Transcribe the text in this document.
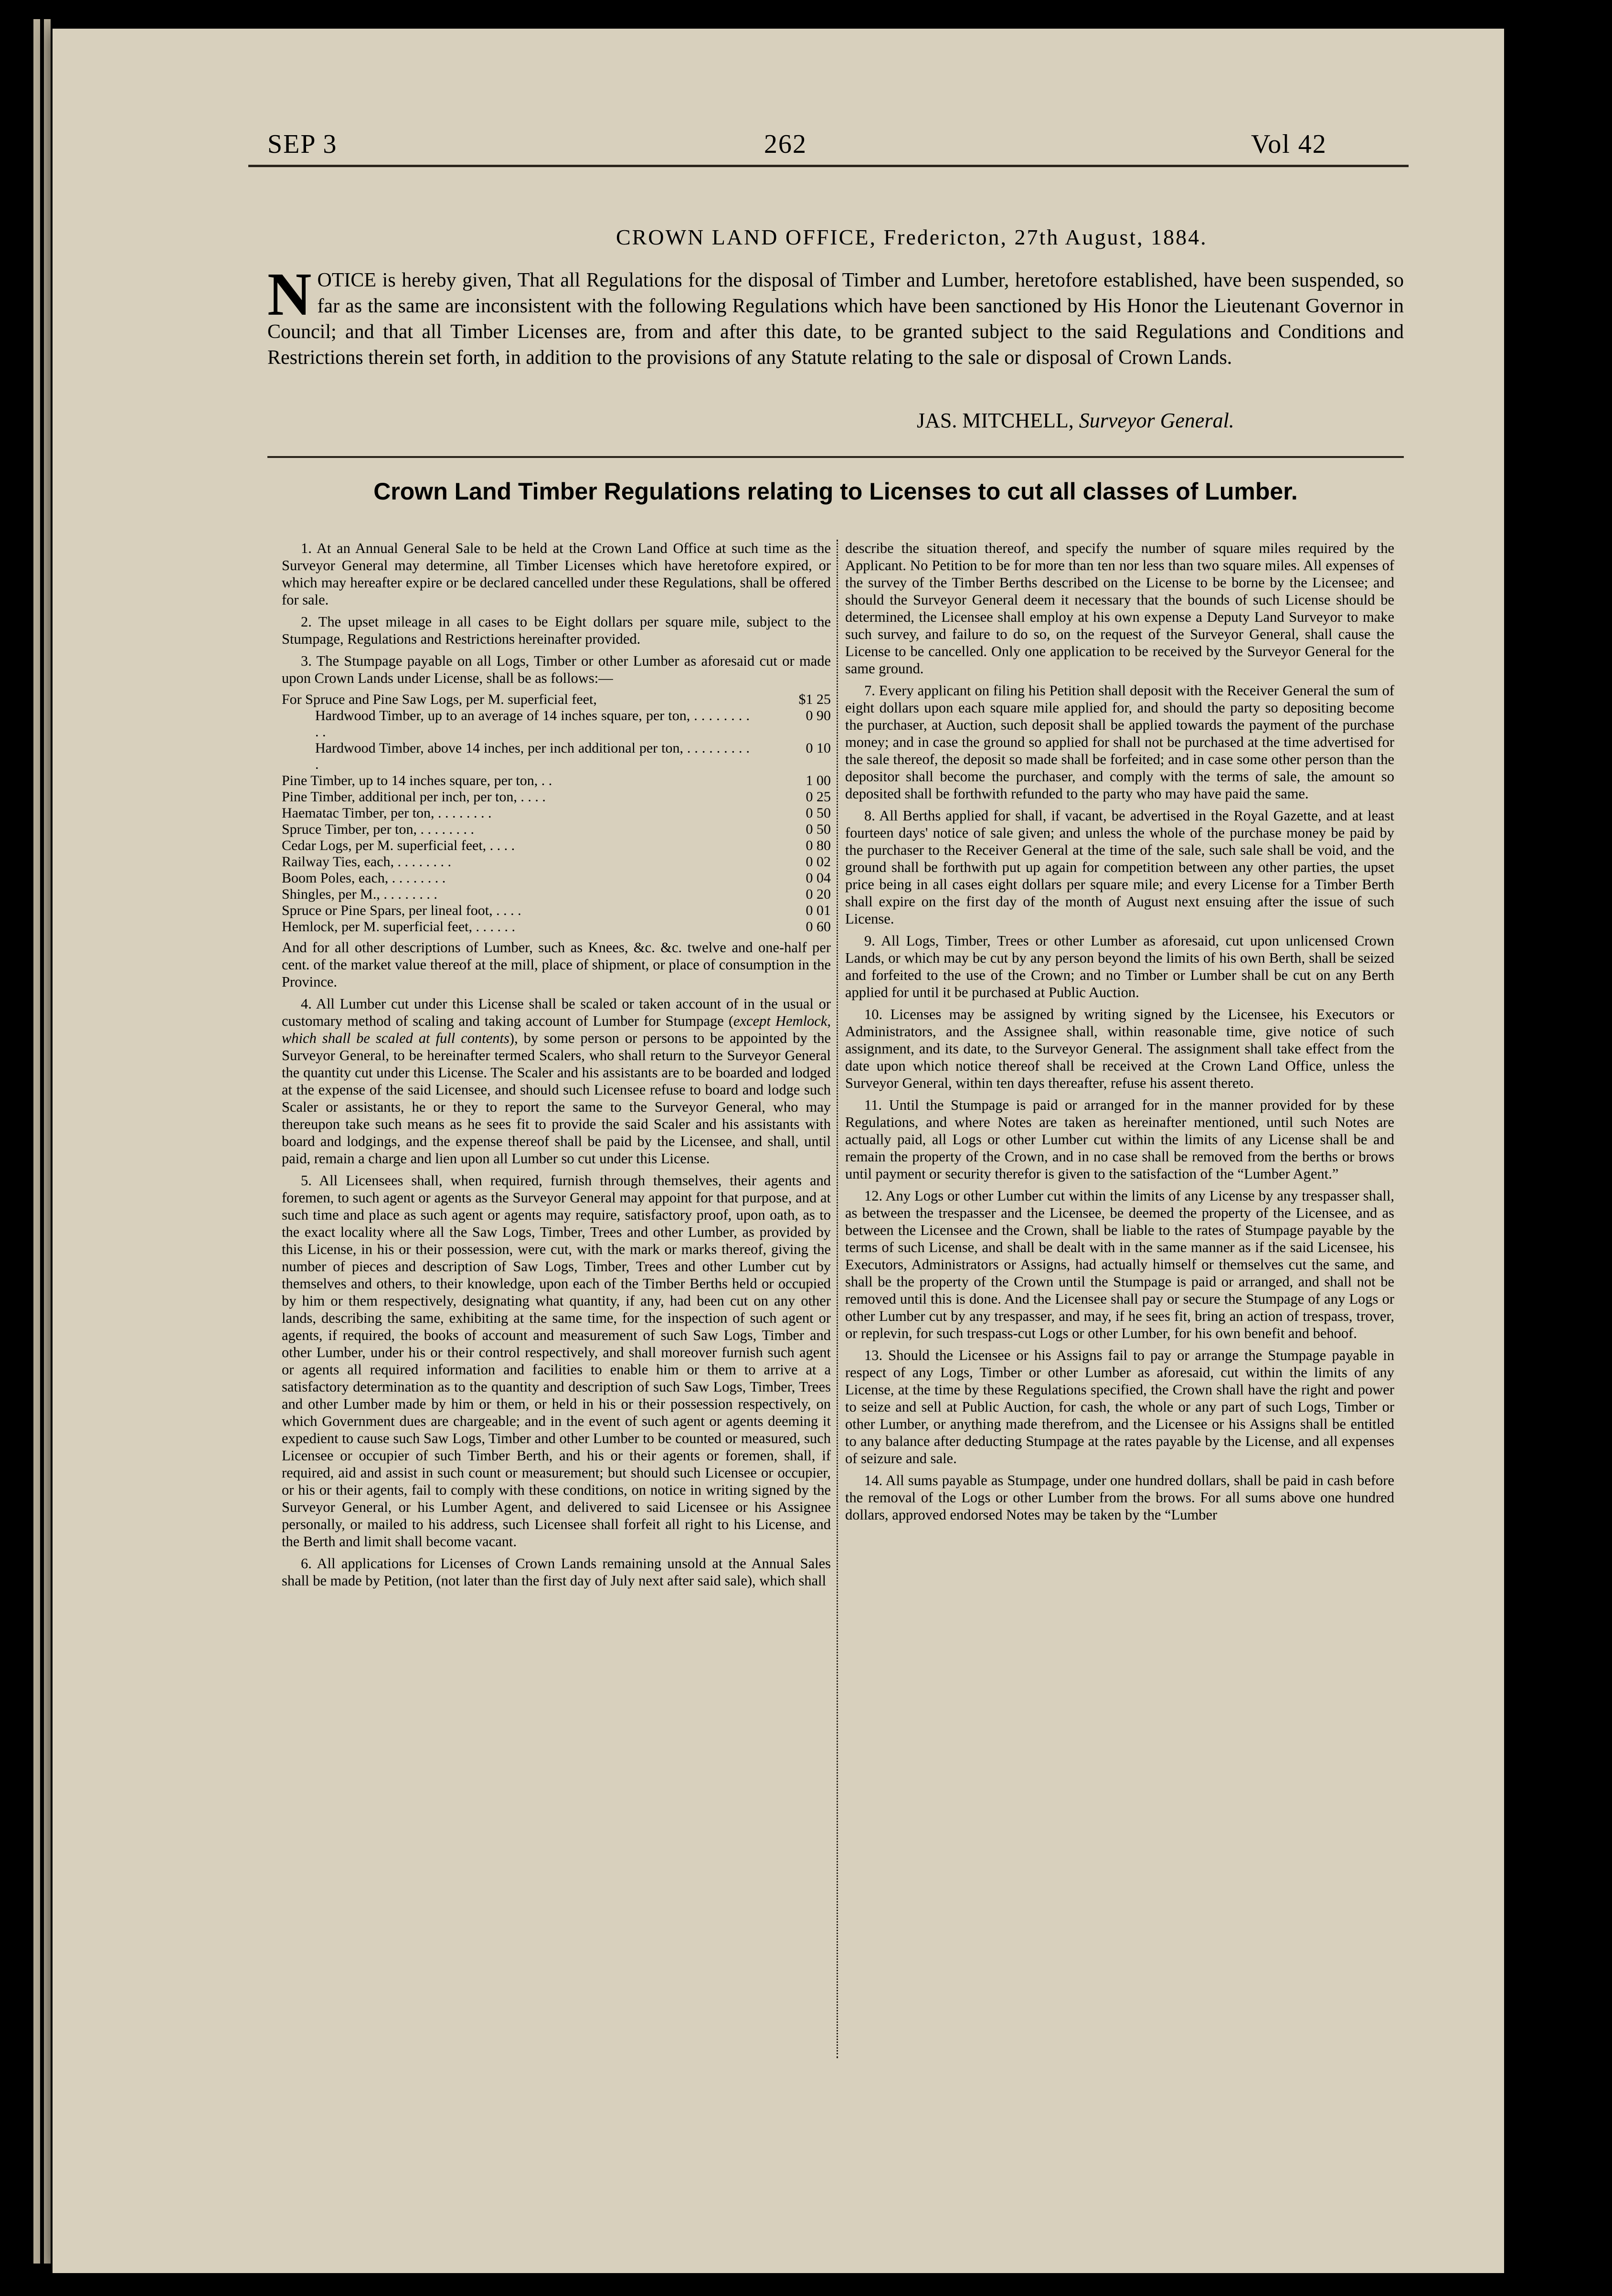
SEP 3	262	Vol 42
CROWN LAND OFFICE, Fredericton, 27th August, 1884.
NOTICE is hereby given, That all Regulations for the disposal of Timber and Lumber, heretofore established, have been suspended, so far as the same are inconsistent with the following Regulations which have been sanctioned by His Honor the Lieutenant Governor in Council; and that all Timber Licenses are, from and after this date, to be granted subject to the said Regulations and Conditions and Restrictions therein set forth, in addition to the provisions of any Statute relating to the sale or disposal of Crown Lands.
JAS. MITCHELL, Surveyor General.
Crown Land Timber Regulations relating to Licenses to cut all classes of Lumber.

1. At an Annual General Sale to be held at the Crown Land Office at such time as the Surveyor General may determine, all Timber Licenses which have heretofore expired, or which may hereafter expire or be declared cancelled under these Regulations, shall be offered for sale.

2. The upset mileage in all cases to be Eight dollars per square mile, subject to the Stumpage, Regulations and Restrictions hereinafter provided.

3. The Stumpage payable on all Logs, Timber or other Lumber as aforesaid cut or made upon Crown Lands under License, shall be as follows:—

For Spruce and Pine Saw Logs, per M. superficial feet,	$1 25
Hardwood Timber, up to an average of 14 inches square, per ton, . . . . . . . . . .	0 90
Hardwood Timber, above 14 inches, per inch additional per ton, . . . . . . . . . .	0 10
Pine Timber, up to 14 inches square, per ton, . .	1 00
Pine Timber, additional per inch, per ton, . . . .	0 25
Haematac Timber, per ton, . . . . . . . .	0 50
Spruce Timber, per ton, . . . . . . . .	0 50
Cedar Logs, per M. superficial feet, . . . .	0 80
Railway Ties, each, . . . . . . . .	0 02
Boom Poles, each, . . . . . . . .	0 04
Shingles, per M., . . . . . . . .	0 20
Spruce or Pine Spars, per lineal foot, . . . .	0 01
Hemlock, per M. superficial feet, . . . . . .	0 60

And for all other descriptions of Lumber, such as Knees, &c. &c. twelve and one-half per cent. of the market value thereof at the mill, place of shipment, or place of consumption in the Province.

4. All Lumber cut under this License shall be scaled or taken account of in the usual or customary method of scaling and taking account of Lumber for Stumpage (except Hemlock, which shall be scaled at full contents), by some person or persons to be appointed by the Surveyor General, to be hereinafter termed Scalers, who shall return to the Surveyor General the quantity cut under this License. The Scaler and his assistants are to be boarded and lodged at the expense of the said Licensee, and should such Licensee refuse to board and lodge such Scaler or assistants, he or they to report the same to the Surveyor General, who may thereupon take such means as he sees fit to provide the said Scaler and his assistants with board and lodgings, and the expense thereof shall be paid by the Licensee, and shall, until paid, remain a charge and lien upon all Lumber so cut under this License.

5. All Licensees shall, when required, furnish through themselves, their agents and foremen, to such agent or agents as the Surveyor General may appoint for that purpose, and at such time and place as such agent or agents may require, satisfactory proof, upon oath, as to the exact locality where all the Saw Logs, Timber, Trees and other Lumber, as provided by this License, in his or their possession, were cut, with the mark or marks thereof, giving the number of pieces and description of Saw Logs, Timber, Trees and other Lumber cut by themselves and others, to their knowledge, upon each of the Timber Berths held or occupied by him or them respectively, designating what quantity, if any, had been cut on any other lands, describing the same, exhibiting at the same time, for the inspection of such agent or agents, if required, the books of account and measurement of such Saw Logs, Timber and other Lumber, under his or their control respectively, and shall moreover furnish such agent or agents all required information and facilities to enable him or them to arrive at a satisfactory determination as to the quantity and description of such Saw Logs, Timber, Trees and other Lumber made by him or them, or held in his or their possession respectively, on which Government dues are chargeable; and in the event of such agent or agents deeming it expedient to cause such Saw Logs, Timber and other Lumber to be counted or measured, such Licensee or occupier of such Timber Berth, and his or their agents or foremen, shall, if required, aid and assist in such count or measurement; but should such Licensee or occupier, or his or their agents, fail to comply with these conditions, on notice in writing signed by the Surveyor General, or his Lumber Agent, and delivered to said Licensee or his Assignee personally, or mailed to his address, such Licensee shall forfeit all right to his License, and the Berth and limit shall become vacant.

6. All applications for Licenses of Crown Lands remaining unsold at the Annual Sales shall be made by Petition, (not later than the first day of July next after said sale), which shall

describe the situation thereof, and specify the number of square miles required by the Applicant. No Petition to be for more than ten nor less than two square miles. All expenses of the survey of the Timber Berths described on the License to be borne by the Licensee; and should the Surveyor General deem it necessary that the bounds of such License should be determined, the Licensee shall employ at his own expense a Deputy Land Surveyor to make such survey, and failure to do so, on the request of the Surveyor General, shall cause the License to be cancelled. Only one application to be received by the Surveyor General for the same ground.

7. Every applicant on filing his Petition shall deposit with the Receiver General the sum of eight dollars upon each square mile applied for, and should the party so depositing become the purchaser, at Auction, such deposit shall be applied towards the payment of the purchase money; and in case the ground so applied for shall not be purchased at the time advertised for the sale thereof, the deposit so made shall be forfeited; and in case some other person than the depositor shall become the purchaser, and comply with the terms of sale, the amount so deposited shall be forthwith refunded to the party who may have paid the same.

8. All Berths applied for shall, if vacant, be advertised in the Royal Gazette, and at least fourteen days' notice of sale given; and unless the whole of the purchase money be paid by the purchaser to the Receiver General at the time of the sale, such sale shall be void, and the ground shall be forthwith put up again for competition between any other parties, the upset price being in all cases eight dollars per square mile; and every License for a Timber Berth shall expire on the first day of the month of August next ensuing after the issue of such License.

9. All Logs, Timber, Trees or other Lumber as aforesaid, cut upon unlicensed Crown Lands, or which may be cut by any person beyond the limits of his own Berth, shall be seized and forfeited to the use of the Crown; and no Timber or Lumber shall be cut on any Berth applied for until it be purchased at Public Auction.

10. Licenses may be assigned by writing signed by the Licensee, his Executors or Administrators, and the Assignee shall, within reasonable time, give notice of such assignment, and its date, to the Surveyor General. The assignment shall take effect from the date upon which notice thereof shall be received at the Crown Land Office, unless the Surveyor General, within ten days thereafter, refuse his assent thereto.

11. Until the Stumpage is paid or arranged for in the manner provided for by these Regulations, and where Notes are taken as hereinafter mentioned, until such Notes are actually paid, all Logs or other Lumber cut within the limits of any License shall be and remain the property of the Crown, and in no case shall be removed from the berths or brows until payment or security therefor is given to the satisfaction of the “Lumber Agent.”

12. Any Logs or other Lumber cut within the limits of any License by any trespasser shall, as between the trespasser and the Licensee, be deemed the property of the Licensee, and as between the Licensee and the Crown, shall be liable to the rates of Stumpage payable by the terms of such License, and shall be dealt with in the same manner as if the said Licensee, his Executors, Administrators or Assigns, had actually himself or themselves cut the same, and shall be the property of the Crown until the Stumpage is paid or arranged, and shall not be removed until this is done. And the Licensee shall pay or secure the Stumpage of any Logs or other Lumber cut by any trespasser, and may, if he sees fit, bring an action of trespass, trover, or replevin, for such trespass-cut Logs or other Lumber, for his own benefit and behoof.

13. Should the Licensee or his Assigns fail to pay or arrange the Stumpage payable in respect of any Logs, Timber or other Lumber as aforesaid, cut within the limits of any License, at the time by these Regulations specified, the Crown shall have the right and power to seize and sell at Public Auction, for cash, the whole or any part of such Logs, Timber or other Lumber, or anything made therefrom, and the Licensee or his Assigns shall be entitled to any balance after deducting Stumpage at the rates payable by the License, and all expenses of seizure and sale.

14. All sums payable as Stumpage, under one hundred dollars, shall be paid in cash before the removal of the Logs or other Lumber from the brows. For all sums above one hundred dollars, approved endorsed Notes may be taken by the “Lumber
